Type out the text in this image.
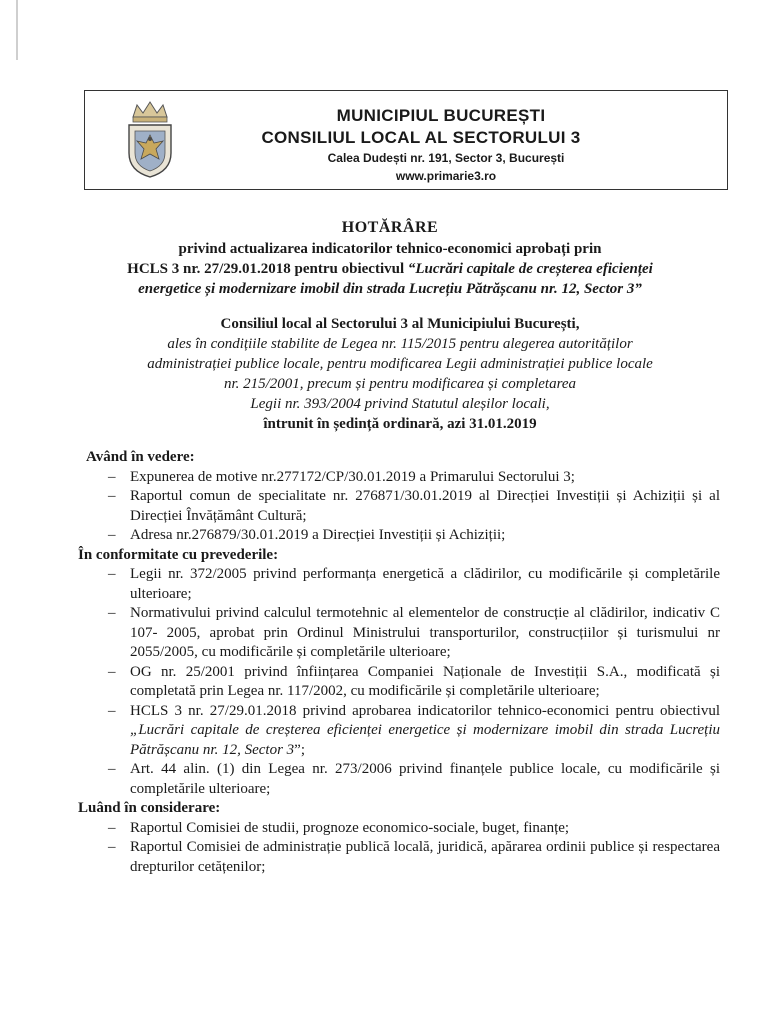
MUNICIPIUL BUCUREȘTI
CONSILIUL LOCAL AL SECTORULUI 3
Calea Dudești nr. 191, Sector 3, București
www.primarie3.ro
HOTĂRÂRE
privind actualizarea indicatorilor tehnico-economici aprobați prin
HCLS 3 nr. 27/29.01.2018 pentru obiectivul “Lucrări capitale de creșterea eficienței
energetice și modernizare imobil din strada Lucrețiu Pătrășcanu nr. 12, Sector 3”
Consiliul local al Sectorului 3 al Municipiului București,
ales în condițiile stabilite de Legea nr. 115/2015 pentru alegerea autorităților
administrației publice locale, pentru modificarea Legii administrației publice locale
nr. 215/2001, precum și pentru modificarea și completarea
Legii nr. 393/2004 privind Statutul aleșilor locali,
întrunit în ședință ordinară, azi 31.01.2019
Având în vedere:
– Expunerea de motive nr.277172/CP/30.01.2019 a Primarului Sectorului 3;
– Raportul comun de specialitate nr. 276871/30.01.2019 al Direcției Investiții și Achiziții și al Direcției Învățământ Cultură;
– Adresa nr.276879/30.01.2019 a Direcției Investiții și Achiziții;
În conformitate cu prevederile:
– Legii nr. 372/2005 privind performanța energetică a clădirilor, cu modificările și completările ulterioare;
– Normativului privind calculul termotehnic al elementelor de construcție al clădirilor, indicativ C 107- 2005, aprobat prin Ordinul Ministrului transporturilor, construcțiilor și turismului nr 2055/2005, cu modificările și completările ulterioare;
– OG nr. 25/2001 privind înființarea Companiei Naționale de Investiții S.A., modificată și completată prin Legea nr. 117/2002, cu modificările și completările ulterioare;
– HCLS 3 nr. 27/29.01.2018 privind aprobarea indicatorilor tehnico-economici pentru obiectivul „Lucrări capitale de creșterea eficienței energetice și modernizare imobil din strada Lucrețiu Pătrășcanu nr. 12, Sector 3”;
– Art. 44 alin. (1) din Legea nr. 273/2006 privind finanțele publice locale, cu modificările și completările ulterioare;
Luând în considerare:
– Raportul Comisiei de studii, prognoze economico-sociale, buget, finanțe;
– Raportul Comisiei de administrație publică locală, juridică, apărarea ordinii publice și respectarea drepturilor cetățenilor;
